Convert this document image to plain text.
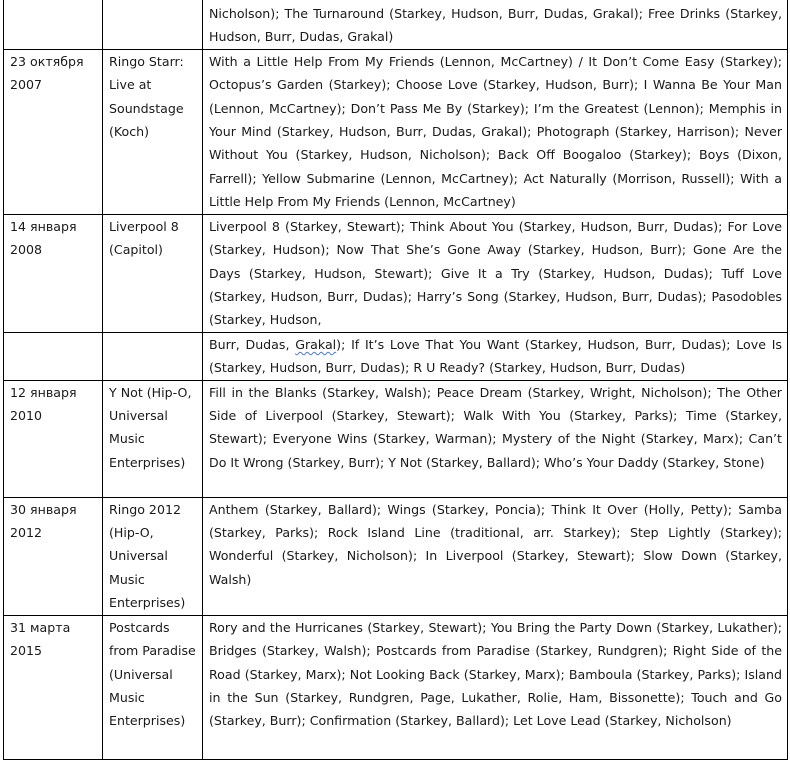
		Nicholson); The Turnaround (Starkey, Hudson, Burr, Dudas, Grakal); Free Drinks (Starkey, Hudson, Burr, Dudas, Grakal)
23 октября 2007	Ringo Starr: Live at Soundstage (Koch)	With a Little Help From My Friends (Lennon, McCartney) / It Don’t Come Easy (Starkey); Octopus’s Garden (Starkey); Choose Love (Starkey, Hudson, Burr); I Wanna Be Your Man (Lennon, McCartney); Don’t Pass Me By (Starkey); I’m the Greatest (Lennon); Memphis in Your Mind (Starkey, Hudson, Burr, Dudas, Grakal); Photograph (Starkey, Harrison); Never Without You (Starkey, Hudson, Nicholson); Back Off Boogaloo (Starkey); Boys (Dixon, Farrell); Yellow Submarine (Lennon, McCartney); Act Naturally (Morrison, Russell); With a Little Help From My Friends (Lennon, McCartney)
14 января 2008	Liverpool 8 (Capitol)	Liverpool 8 (Starkey, Stewart); Think About You (Starkey, Hudson, Burr, Dudas); For Love (Starkey, Hudson); Now That She’s Gone Away (Starkey, Hudson, Burr); Gone Are the Days (Starkey, Hudson, Stewart); Give It a Try (Starkey, Hudson, Dudas); Tuff Love (Starkey, Hudson, Burr, Dudas); Harry’s Song (Starkey, Hudson, Burr, Dudas); Pasodobles (Starkey, Hudson,
		Burr, Dudas, Grakal); If It’s Love That You Want (Starkey, Hudson, Burr, Dudas); Love Is (Starkey, Hudson, Burr, Dudas); R U Ready? (Starkey, Hudson, Burr, Dudas)
12 января 2010	Y Not (Hip-O, Universal Music Enterprises)	Fill in the Blanks (Starkey, Walsh); Peace Dream (Starkey, Wright, Nicholson); The Other Side of Liverpool (Starkey, Stewart); Walk With You (Starkey, Parks); Time (Starkey, Stewart); Everyone Wins (Starkey, Warman); Mystery of the Night (Starkey, Marx); Can’t Do It Wrong (Starkey, Burr); Y Not (Starkey, Ballard); Who’s Your Daddy (Starkey, Stone)
30 января 2012	Ringo 2012 (Hip-O, Universal Music Enterprises)	Anthem (Starkey, Ballard); Wings (Starkey, Poncia); Think It Over (Holly, Petty); Samba (Starkey, Parks); Rock Island Line (traditional, arr. Starkey); Step Lightly (Starkey); Wonderful (Starkey, Nicholson); In Liverpool (Starkey, Stewart); Slow Down (Starkey, Walsh)
31 марта 2015	Postcards from Paradise (Universal Music Enterprises)	Rory and the Hurricanes (Starkey, Stewart); You Bring the Party Down (Starkey, Lukather); Bridges (Starkey, Walsh); Postcards from Paradise (Starkey, Rundgren); Right Side of the Road (Starkey, Marx); Not Looking Back (Starkey, Marx); Bamboula (Starkey, Parks); Island in the Sun (Starkey, Rundgren, Page, Lukather, Rolie, Ham, Bissonette); Touch and Go (Starkey, Burr); Confirmation (Starkey, Ballard); Let Love Lead (Starkey, Nicholson)
